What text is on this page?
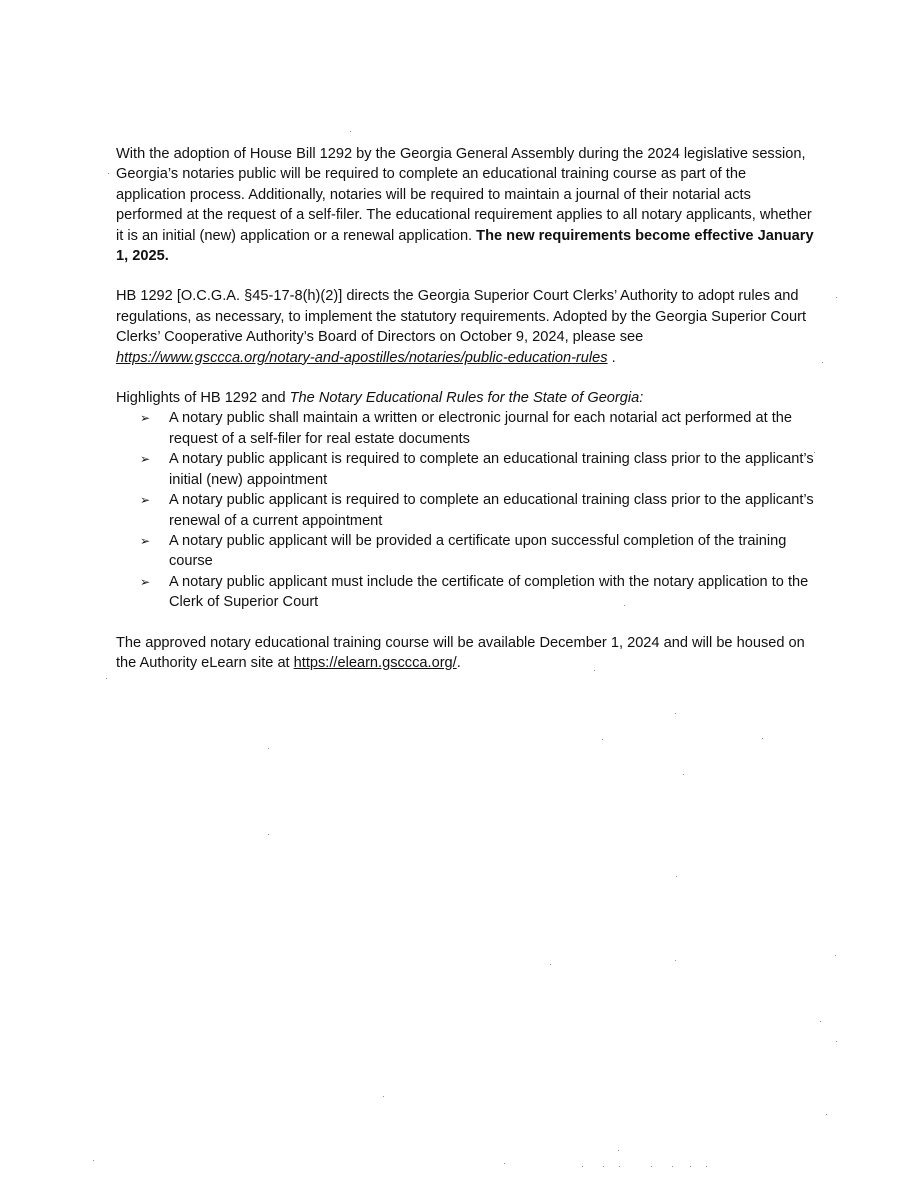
With the adoption of House Bill 1292 by the Georgia General Assembly during the 2024 legislative session, Georgia’s notaries public will be required to complete an educational training course as part of the application process. Additionally, notaries will be required to maintain a journal of their notarial acts performed at the request of a self-filer. The educational requirement applies to all notary applicants, whether it is an initial (new) application or a renewal application. The new requirements become effective January 1, 2025.

HB 1292 [O.C.G.A. §45-17-8(h)(2)] directs the Georgia Superior Court Clerks’ Authority to adopt rules and regulations, as necessary, to implement the statutory requirements. Adopted by the Georgia Superior Court Clerks’ Cooperative Authority’s Board of Directors on October 9, 2024, please see https://www.gsccca.org/notary-and-apostilles/notaries/public-education-rules .

Highlights of HB 1292 and The Notary Educational Rules for the State of Georgia:

➢ A notary public shall maintain a written or electronic journal for each notarial act performed at the request of a self-filer for real estate documents
➢ A notary public applicant is required to complete an educational training class prior to the applicant’s initial (new) appointment
➢ A notary public applicant is required to complete an educational training class prior to the applicant’s renewal of a current appointment
➢ A notary public applicant will be provided a certificate upon successful completion of the training course
➢ A notary public applicant must include the certificate of completion with the notary application to the Clerk of Superior Court

The approved notary educational training course will be available December 1, 2024 and will be housed on the Authority eLearn site at https://elearn.gsccca.org/.
